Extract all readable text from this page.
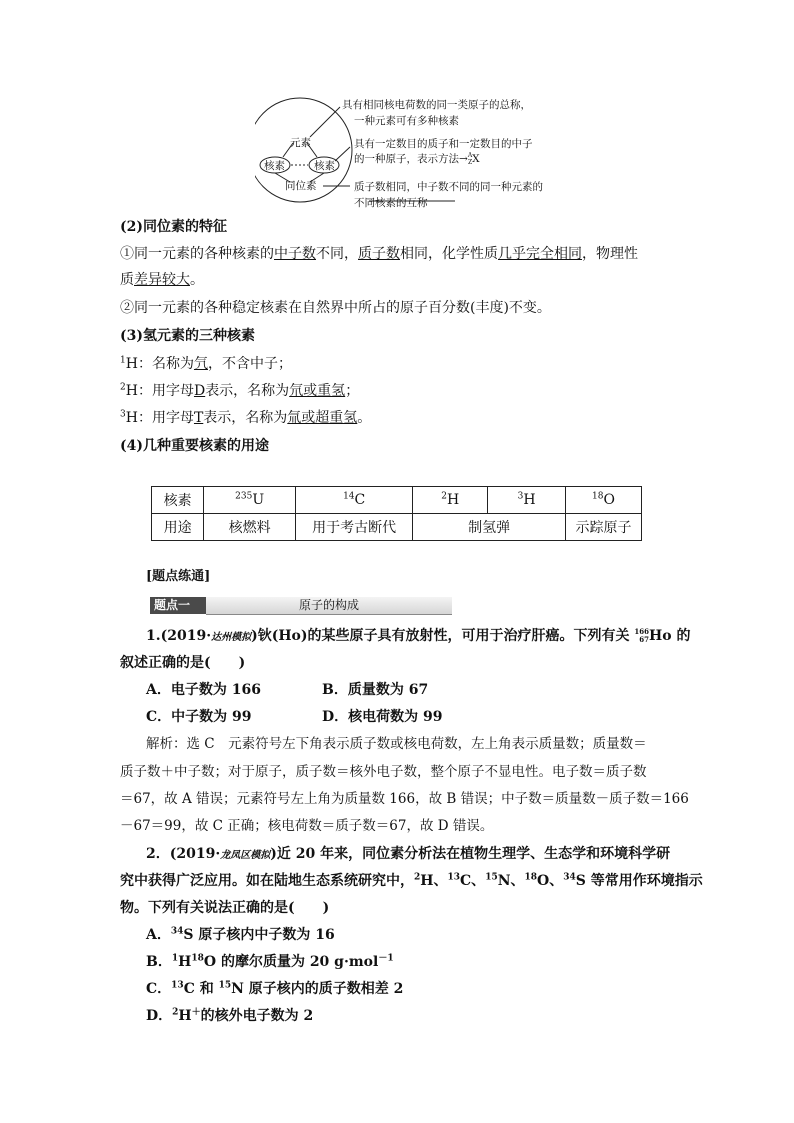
元素
核素	核素
同位素
具有相同核电荷数的同一类原子的总称，
一种元素可有多种核素
具有一定数目的质子和一定数目的中子
的一种原子，表示方法→A
ZX
质子数相同，中子数不同的同一种元素的
不同核素的互称
(2)同位素的特征
①同一元素的各种核素的中子数不同，质子数相同，化学性质几乎完全相同，物理性
质差异较大。
②同一元素的各种稳定核素在自然界中所占的原子百分数(丰度)不变。
(3)氢元素的三种核素
$^1$H：名称为氕，不含中子；
$^2$H：用字母D表示，名称为氘或重氢；
$^3$H：用字母T表示，名称为氚或超重氢。
(4)几种重要核素的用途
核素	$^{235}$U	$^{14}$C	$^2$H	$^3$H	$^{18}$O
用途	核燃料	用于考古断代	制氢弹		示踪原子
[题点练通]
题点一	原子的构成
1.(2019·达州模拟)钬(Ho)的某些原子具有放射性，可用于治疗肝癌。下列有关 166
67Ho 的
叙述正确的是(　　)
A．电子数为 166	B．质量数为 67
C．中子数为 99	D．核电荷数为 99
解析：选 C　元素符号左下角表示质子数或核电荷数，左上角表示质量数；质量数＝
质子数＋中子数；对于原子，质子数＝核外电子数，整个原子不显电性。电子数＝质子数
＝67，故 A 错误；元素符号左上角为质量数 166，故 B 错误；中子数＝质量数－质子数＝166
－67＝99，故 C 正确；核电荷数＝质子数＝67，故 D 错误。
2．(2019·龙凤区模拟)近 20 年来，同位素分析法在植物生理学、生态学和环境科学研
究中获得广泛应用。如在陆地生态系统研究中，$^2$H、$^{13}$C、$^{15}$N、$^{18}$O、$^{34}$S 等常用作环境指示
物。下列有关说法正确的是(　　)
A．$^{34}$S 原子核内中子数为 16
B．$^1H^{18}O$ 的摩尔质量为 20 g·mol$^{-1}$
C．$^{13}$C 和 $^{15}$N 原子核内的质子数相差 2
D．$^2$H＋的核外电子数为 2
